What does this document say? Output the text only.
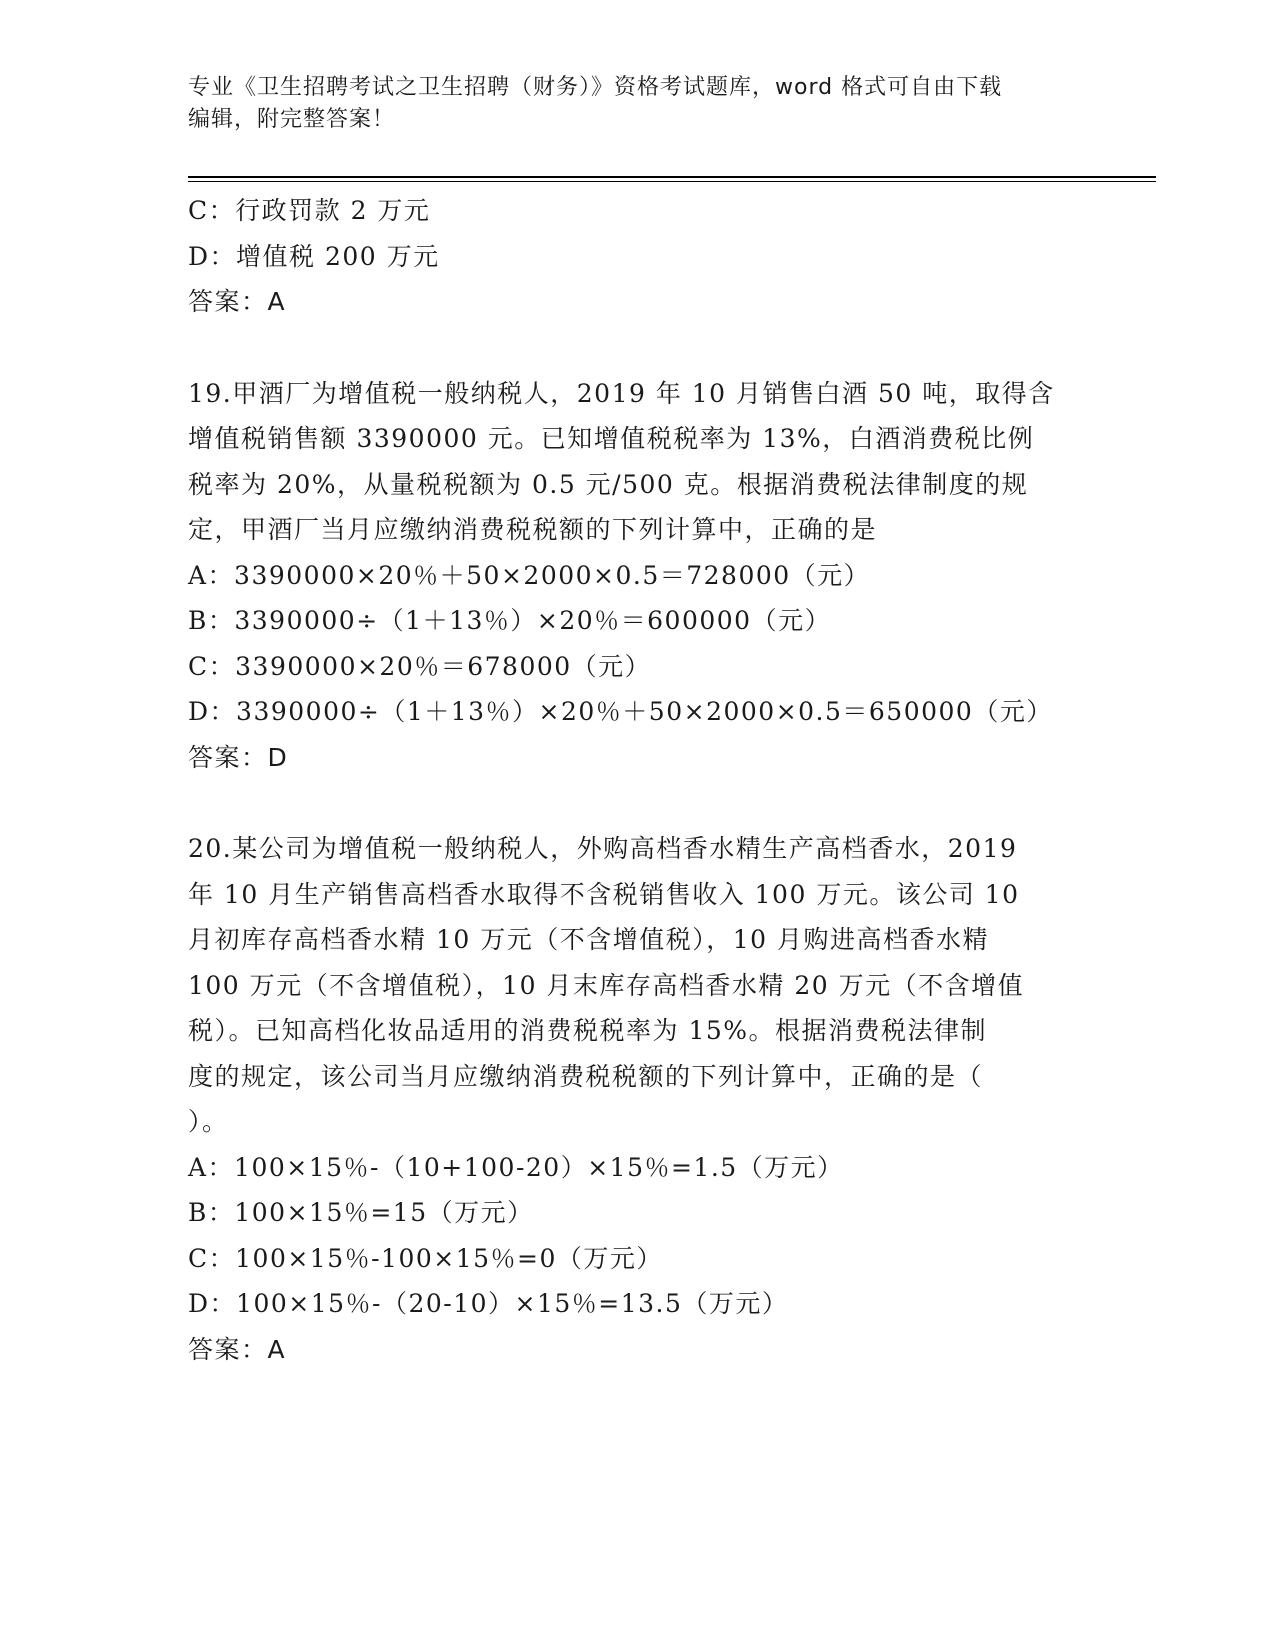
专业《卫生招聘考试之卫生招聘（财务）》资格考试题库，word 格式可自由下载
编辑，附完整答案！
C：行政罚款 2 万元
D：增值税 200 万元
答案：A
19.甲酒厂为增值税一般纳税人，2019 年 10 月销售白酒 50 吨，取得含
增值税销售额 3390000 元。已知增值税税率为 13%，白酒消费税比例
税率为 20%，从量税税额为 0.5 元/500 克。根据消费税法律制度的规
定，甲酒厂当月应缴纳消费税税额的下列计算中，正确的是
A：3390000×20％＋50×2000×0.5＝728000（元）
B：3390000÷（1＋13％）×20％＝600000（元）
C：3390000×20％＝678000（元）
D：3390000÷（1＋13％）×20％＋50×2000×0.5＝650000（元）
答案：D
20.某公司为增值税一般纳税人，外购高档香水精生产高档香水，2019
年 10 月生产销售高档香水取得不含税销售收入 100 万元。该公司 10
月初库存高档香水精 10 万元（不含增值税），10 月购进高档香水精
100 万元（不含增值税），10 月末库存高档香水精 20 万元（不含增值
税）。已知高档化妆品适用的消费税税率为 15%。根据消费税法律制
度的规定，该公司当月应缴纳消费税税额的下列计算中，正确的是（
）。
A：100×15％-（10+100-20）×15％=1.5（万元）
B：100×15％=15（万元）
C：100×15％-100×15％=0（万元）
D：100×15％-（20-10）×15％=13.5（万元）
答案：A
